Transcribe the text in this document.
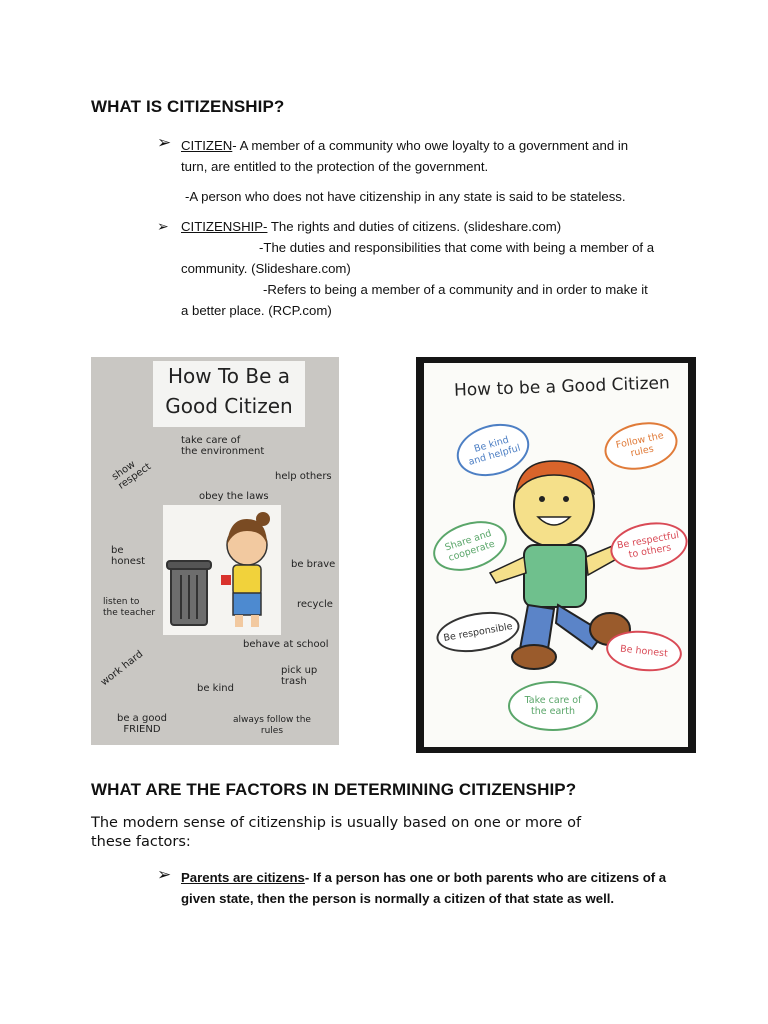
WHAT IS CITIZENSHIP?
➢ CITIZEN- A member of a community who owe loyalty to a government and in
turn, are entitled to the protection of the government.
-A person who does not have citizenship in any state is said to be stateless.
➢ CITIZENSHIP- The rights and duties of citizens. (slideshare.com)
-The duties and responsibilities that come with being a member of a
community. (Slideshare.com)
-Refers to being a member of a community and in order to make it
a better place. (RCP.com)
How To Be a
Good Citizen
take care of
the environment
show
respect	help others
obey the laws
be
honest	be brave
listen to
the teacher
recycle
behave at school
work hard	pick up
trash
be kind
be a good
FRIEND
always follow the
rules
How to be a Good Citizen
Be kind
and helpful
Follow the
rules
Share and
cooperate	Be respectful
to others
Be responsible
Be honest
Take care of
the earth
WHAT ARE THE FACTORS IN DETERMINING CITIZENSHIP?
The modern sense of citizenship is usually based on one or more of
these factors:
➢ Parents are citizens- If a person has one or both parents who are citizens of a
given state, then the person is normally a citizen of that state as well.
